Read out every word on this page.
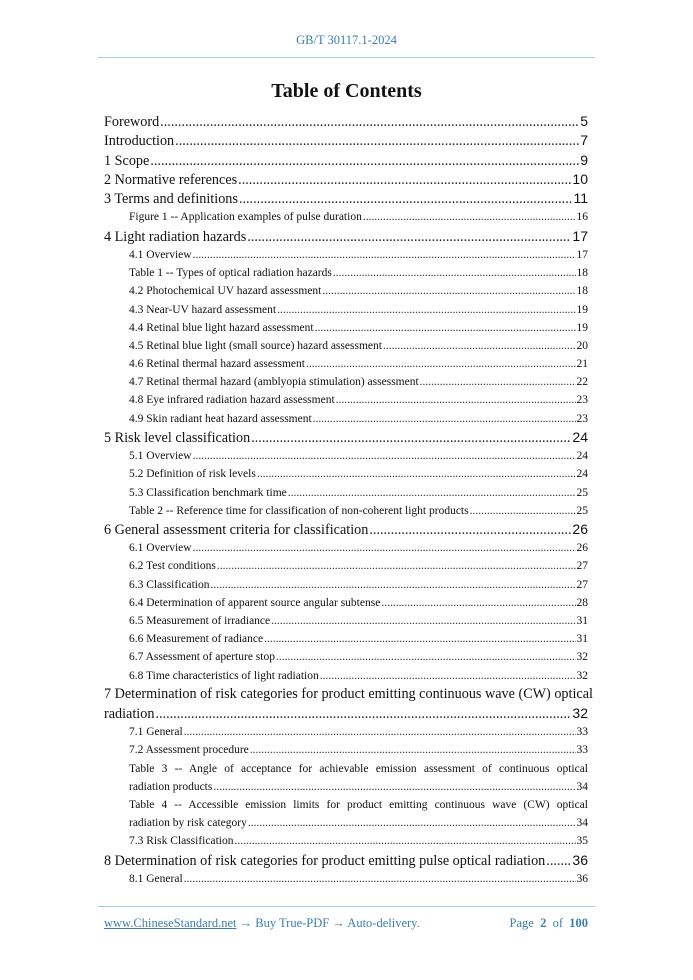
GB/T 30117.1-2024
Table of Contents
Foreword .....	5
Introduction .....	7
1 Scope .....	9
2 Normative references .....	10
3 Terms and definitions .....	11
Figure 1 -- Application examples of pulse duration .....	16
4 Light radiation hazards .....	17
4.1 Overview .....	17
Table 1 -- Types of optical radiation hazards .....	18
4.2 Photochemical UV hazard assessment .....	18
4.3 Near-UV hazard assessment .....	19
4.4 Retinal blue light hazard assessment .....	19
4.5 Retinal blue light (small source) hazard assessment .....	20
4.6 Retinal thermal hazard assessment .....	21
4.7 Retinal thermal hazard (amblyopia stimulation) assessment .....	22
4.8 Eye infrared radiation hazard assessment .....	23
4.9 Skin radiant heat hazard assessment .....	23
5 Risk level classification .....	24
5.1 Overview .....	24
5.2 Definition of risk levels .....	24
5.3 Classification benchmark time .....	25
Table 2 -- Reference time for classification of non-coherent light products .....	25
6 General assessment criteria for classification .....	26
6.1 Overview .....	26
6.2 Test conditions .....	27
6.3 Classification .....	27
6.4 Determination of apparent source angular subtense .....	28
6.5 Measurement of irradiance .....	31
6.6 Measurement of radiance .....	31
6.7 Assessment of aperture stop .....	32
6.8 Time characteristics of light radiation .....	32
7 Determination of risk categories for product emitting continuous wave (CW) optical
radiation .....	32
7.1 General .....	33
7.2 Assessment procedure .....	33
Table 3 -- Angle of acceptance for achievable emission assessment of continuous optical
radiation products .....	34
Table 4 -- Accessible emission limits for product emitting continuous wave (CW) optical
radiation by risk category .....	34
7.3 Risk Classification .....	35
8 Determination of risk categories for product emitting pulse optical radiation ..... 36
8.1 General .....	36
www.ChineseStandard.net → Buy True-PDF → Auto-delivery.	Page 2 of 100
